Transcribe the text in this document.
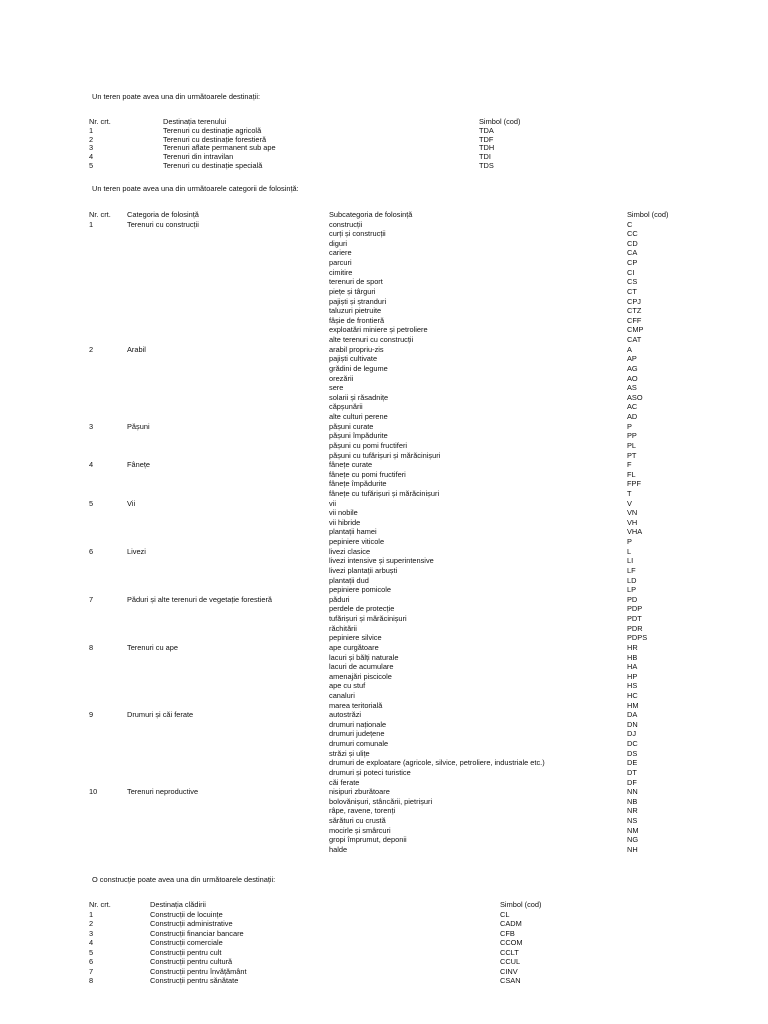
Un teren poate avea una din următoarele destinații:
Nr. crt.	Destinația terenului	Simbol (cod)
1	Terenuri cu destinație agricolă	TDA
2	Terenuri cu destinație forestieră	TDF
3	Terenuri aflate permanent sub ape	TDH
4	Terenuri din intravilan	TDI
5	Terenuri cu destinație specială	TDS
Un teren poate avea una din următoarele categorii de folosință:
Nr. crt. Categoria de folosință	Subcategoria de folosință	Simbol (cod)
1	Terenuri cu construcții	construcții	C
curți și construcții	CC
diguri	CD
cariere	CA
parcuri	CP
cimitire	CI
terenuri de sport	CS
piețe și târguri	CT
pajiști și ștranduri	CPJ
taluzuri pietruite	CTZ
fâșie de frontieră	CFF
exploatări miniere și petroliere	CMP
alte terenuri cu construcții	CAT
2	Arabil	arabil propriu-zis	A
pajiști cultivate	AP
grădini de legume	AG
orezării	AO
sere	AS
solarii și răsadnițe	ASO
căpșunării	AC
alte culturi perene	AD
3	Pășuni	pășuni curate	P
pășuni împădurite	PP
pășuni cu pomi fructiferi	PL
pășuni cu tufărișuri și mărăcinișuri	PT
4	Fânețe	fânețe curate	F
fânețe cu pomi fructiferi	FL
fânețe împădurite	FPF
fânețe cu tufărișuri și mărăcinișuri	T
5	Vii	vii	V
vii nobile	VN
vii hibride	VH
plantații hamei	VHA
pepiniere viticole	P
6	Livezi	livezi clasice	L
livezi intensive și superintensive	LI
livezi plantații arbuști	LF
plantații dud	LD
pepiniere pomicole	LP
7	Păduri și alte terenuri de vegetație forestieră	păduri	PD
perdele de protecție	PDP
tufărișuri și mărăcinișuri	PDT
răchitării	PDR
pepiniere silvice	PDPS
8	Terenuri cu ape	ape curgătoare	HR
lacuri și bălți naturale	HB
lacuri de acumulare	HA
amenajări piscicole	HP
ape cu stuf	HS
canaluri	HC
marea teritorială	HM
9	Drumuri și căi ferate	autostrăzi	DA
drumuri naționale	DN
drumuri județene	DJ
drumuri comunale	DC
străzi și ulițe	DS
drumuri de exploatare (agricole, silvice, petroliere, industriale etc.)	DE
drumuri și poteci turistice	DT
căi ferate	DF
10	Terenuri neproductive	nisipuri zburătoare	NN
bolovănișuri, stâncării, pietrișuri	NB
râpe, ravene, torenți	NR
sărături cu crustă	NS
mocirle și smârcuri	NM
gropi împrumut, deponii	NG
halde	NH
O construcție poate avea una din următoarele destinații:
Nr. crt.	Destinația clădirii	Simbol (cod)
1	Construcții de locuințe	CL
2	Construcții administrative	CADM
3	Construcții financiar bancare	CFB
4	Construcții comerciale	CCOM
5	Construcții pentru cult	CCLT
6	Construcții pentru cultură	CCUL
7	Construcții pentru învățământ	CINV
8	Construcții pentru sănătate	CSAN
